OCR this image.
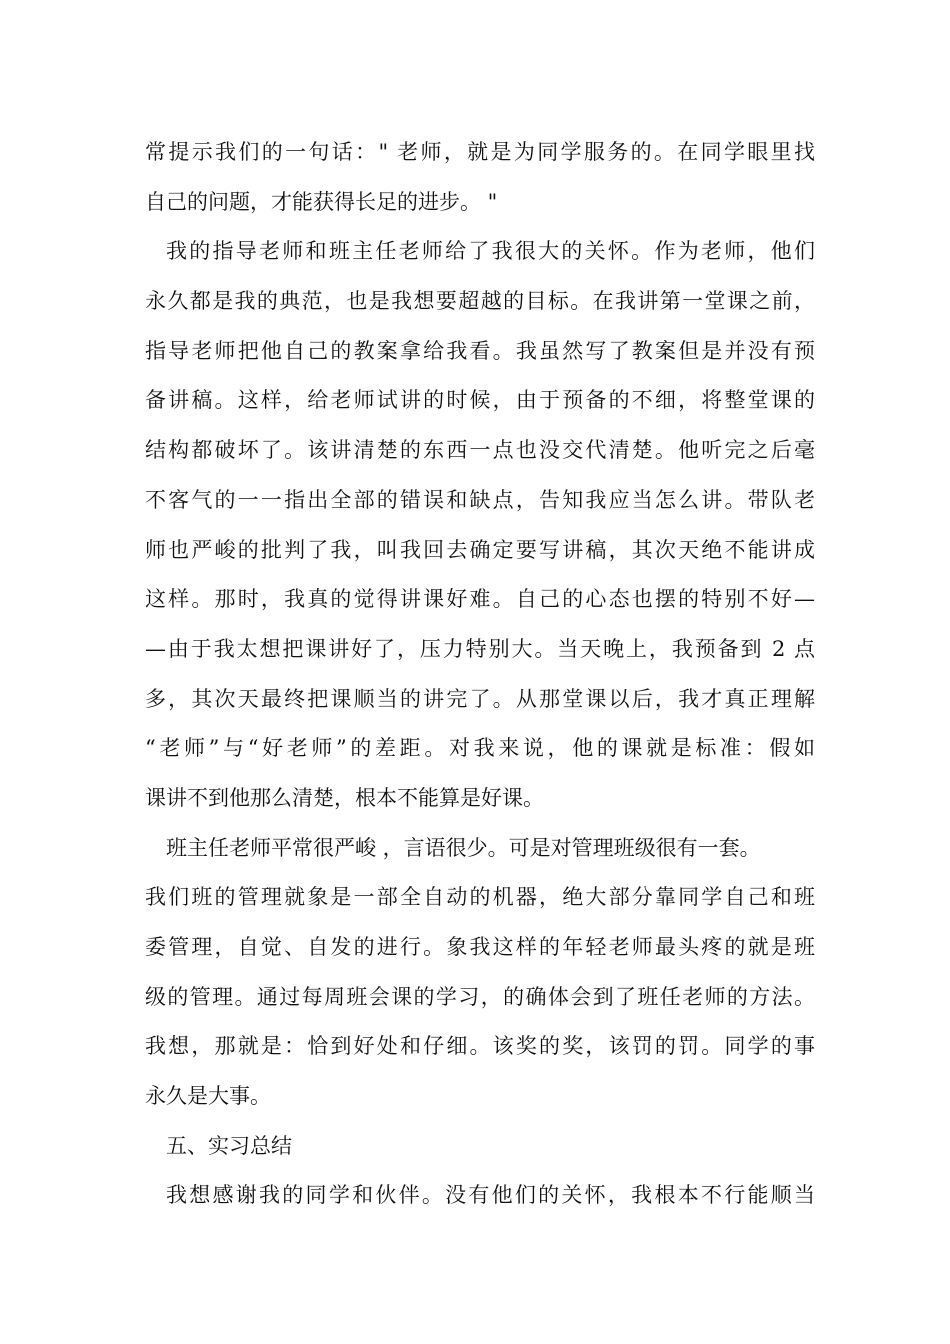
常提示我们的一句话：" 老师，就是为同学服务的。在同学眼里找
自己的问题，才能获得长足的进步。 "
我的指导老师和班主任老师给了我很大的关怀。作为老师，他们
永久都是我的典范，也是我想要超越的目标。在我讲第一堂课之前，
指导老师把他自己的教案拿给我看。我虽然写了教案但是并没有预
备讲稿。这样，给老师试讲的时候，由于预备的不细，将整堂课的
结构都破坏了。该讲清楚的东西一点也没交代清楚。他听完之后毫
不客气的一一指出全部的错误和缺点，告知我应当怎么讲。带队老
师也严峻的批判了我，叫我回去确定要写讲稿，其次天绝不能讲成
这样。那时，我真的觉得讲课好难。自己的心态也摆的特别不好—
—由于我太想把课讲好了，压力特别大。当天晚上，我预备到 2 点
多，其次天最终把课顺当的讲完了。从那堂课以后，我才真正理解
“老师”与“好老师”的差距。对我来说，他的课就是标准：假如
课讲不到他那么清楚，根本不能算是好课。
班主任老师平常很严峻 ，言语很少。可是对管理班级很有一套。
我们班的管理就象是一部全自动的机器，绝大部分靠同学自己和班
委管理，自觉、自发的进行。象我这样的年轻老师最头疼的就是班
级的管理。通过每周班会课的学习，的确体会到了班任老师的方法。
我想，那就是：恰到好处和仔细。该奖的奖，该罚的罚。同学的事
永久是大事。
五、实习总结
我想感谢我的同学和伙伴。没有他们的关怀，我根本不行能顺当
